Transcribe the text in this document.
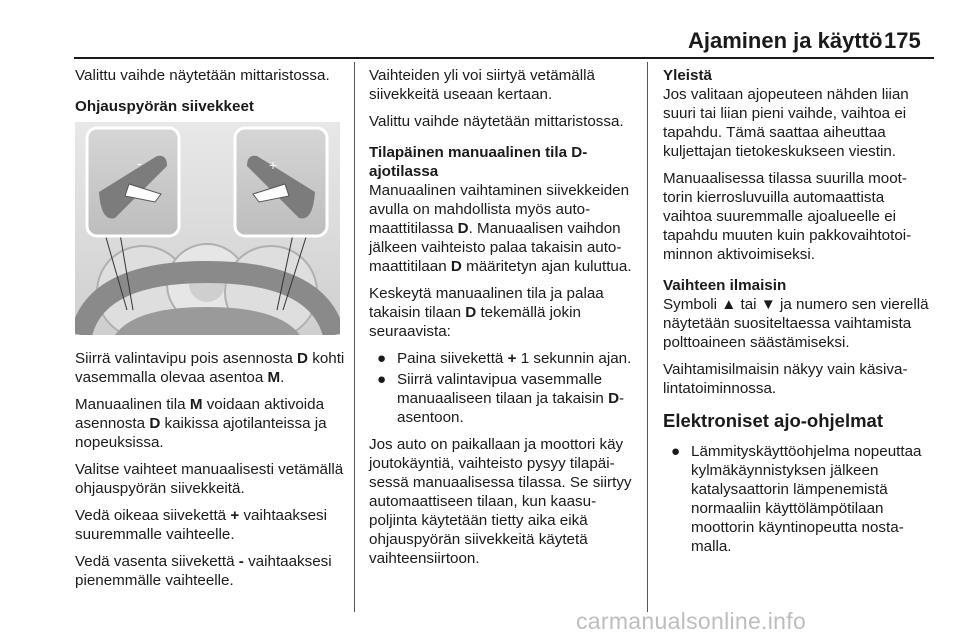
Ajaminen ja käyttö 175

Valittu vaihde näytetään mittaristossa.

Ohjauspyörän siivekkeet
-	+

Siirrä valintavipu pois asennosta D kohti vasemmalla olevaa asentoa M.

Manuaalinen tila M voidaan aktivoida asennosta D kaikissa ajotilanteissa ja nopeuksissa.

Valitse vaihteet manuaalisesti vetämällä ohjauspyörän siivekkeitä.

Vedä oikeaa siivekettä + vaihtaaksesi suuremmalle vaihteelle.

Vedä vasenta siivekettä - vaihtaaksesi pienemmälle vaihteelle.

Vaihteiden yli voi siirtyä vetämällä siivekkeitä useaan kertaan.

Valittu vaihde näytetään mittaristossa.

Tilapäinen manuaalinen tila D-ajotilassa

Manuaalinen vaihtaminen siivekkeiden avulla on mahdollista myös automaattitilassa D. Manuaalisen vaihdon jälkeen vaihteisto palaa takaisin automaattitilaan D määritetyn ajan kuluttua.

Keskeytä manuaalinen tila ja palaa takaisin tilaan D tekemällä jokin seuraavista:

● Paina siivekettä + 1 sekunnin ajan.
● Siirrä valintavipua vasemmalle manuaaliseen tilaan ja takaisin D-asentoon.

Jos auto on paikallaan ja moottori käy joutokäyntiä, vaihteisto pysyy tilapäisessä manuaalisessa tilassa. Se siirtyy automaattiseen tilaan, kun kaasupoljinta käytetään tietty aika eikä ohjauspyörän siivekkeitä käytetä vaihteensiirtoon.

Yleistä

Jos valitaan ajopeuteen nähden liian suuri tai liian pieni vaihde, vaihtoa ei tapahdu. Tämä saattaa aiheuttaa kuljettajan tietokeskukseen viestin.

Manuaalisessa tilassa suurilla moottorin kierrosluvuilla automaattista vaihtoa suuremmalle ajoalueelle ei tapahdu muuten kuin pakkovaihtotoiminnon aktivoimiseksi.

Vaihteen ilmaisin

Symboli ▲ tai ▼ ja numero sen vierellä näytetään suositeltaessa vaihtamista polttoaineen säästämiseksi.

Vaihtamisilmaisin näkyy vain käsivalintatoiminnossa.

Elektroniset ajo-ohjelmat
● Lämmityskäyttöohjelma nopeuttaa kylmäkäynnistyksen jälkeen katalysaattorin lämpenemistä normaaliin käyttölämpötilaan moottorin käyntinopeutta nostamalla.
carmanualsonline.info
